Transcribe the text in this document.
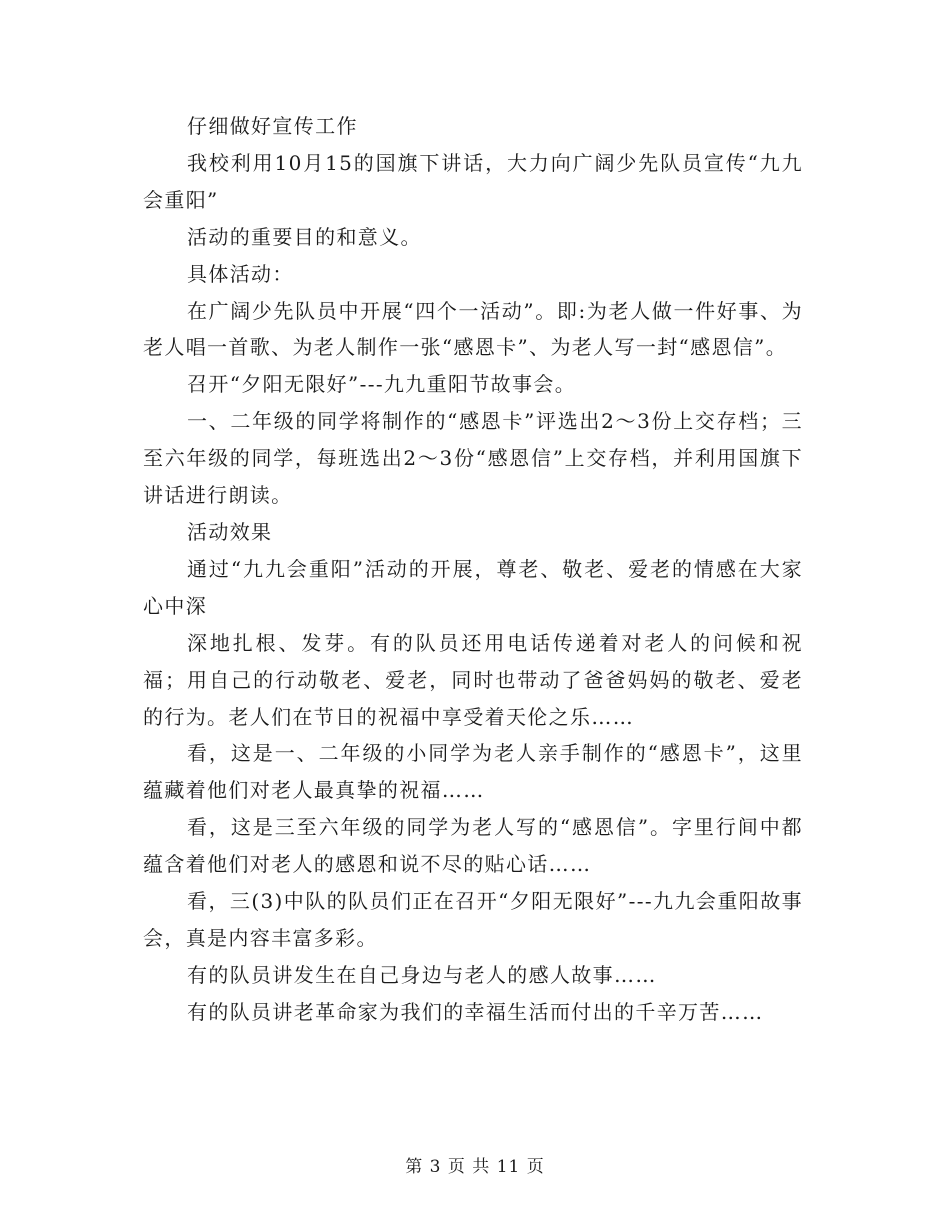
仔细做好宣传工作

我校利用10月15的国旗下讲话，大力向广阔少先队员宣传“九九会重阳”

活动的重要目的和意义。

具体活动：

在广阔少先队员中开展“四个一活动”。即:为老人做一件好事、为老人唱一首歌、为老人制作一张“感恩卡”、为老人写一封“感恩信”。

召开“夕阳无限好”---九九重阳节故事会。

一、二年级的同学将制作的“感恩卡”评选出2～3份上交存档；三至六年级的同学，每班选出2～3份“感恩信”上交存档，并利用国旗下讲话进行朗读。

活动效果

通过“九九会重阳”活动的开展，尊老、敬老、爱老的情感在大家心中深

深地扎根、发芽。有的队员还用电话传递着对老人的问候和祝福；用自己的行动敬老、爱老，同时也带动了爸爸妈妈的敬老、爱老的行为。老人们在节日的祝福中享受着天伦之乐……

看，这是一、二年级的小同学为老人亲手制作的“感恩卡”，这里蕴藏着他们对老人最真挚的祝福……

看，这是三至六年级的同学为老人写的“感恩信”。字里行间中都蕴含着他们对老人的感恩和说不尽的贴心话……

看，三(3)中队的队员们正在召开“夕阳无限好”---九九会重阳故事会，真是内容丰富多彩。

有的队员讲发生在自己身边与老人的感人故事……

有的队员讲老革命家为我们的幸福生活而付出的千辛万苦……

第 3 页 共 11 页
